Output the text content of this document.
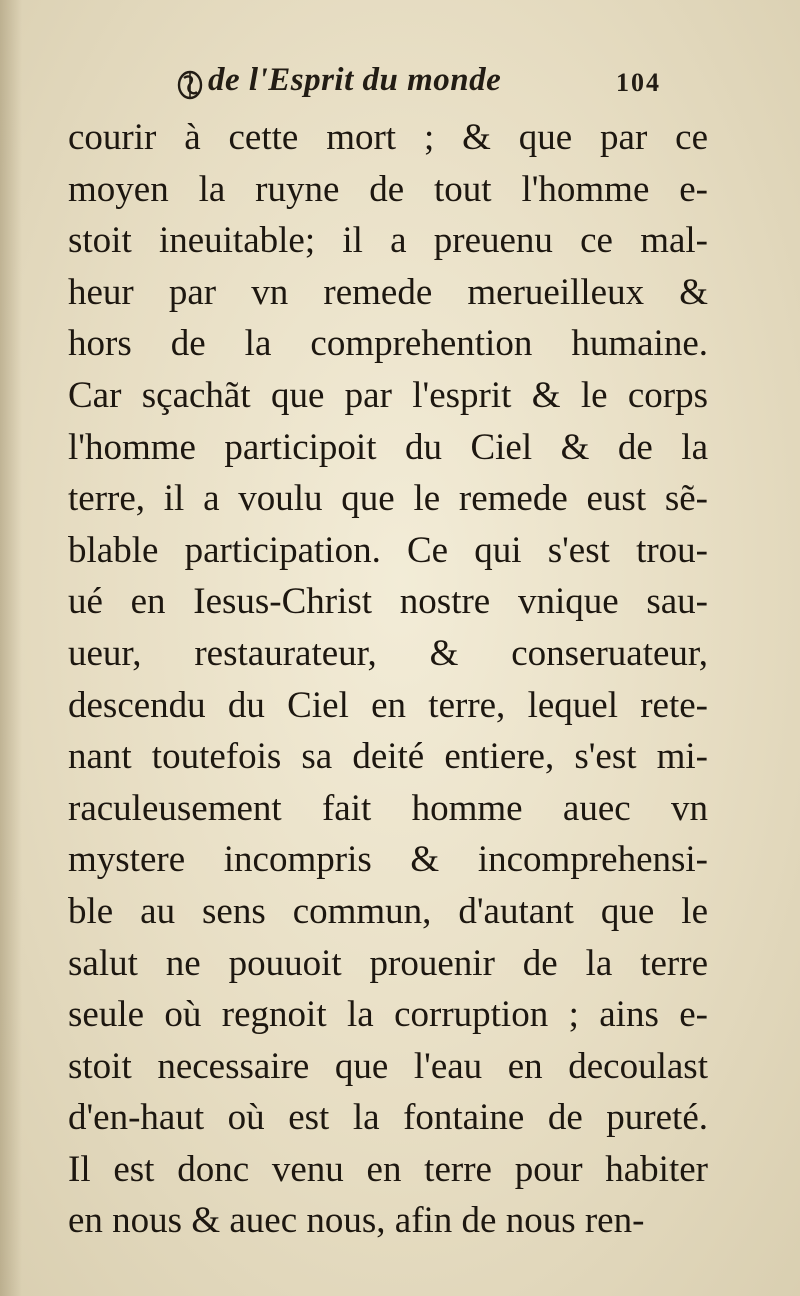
de l'Esprit du monde	104
courir à cette mort ; & que par ce
moyen la ruyne de tout l'homme e-
stoit ineuitable; il a preuenu ce mal-
heur par vn remede merueilleux &
hors de la comprehention humaine.
Car sçachãt que par l'esprit & le corps
l'homme participoit du Ciel & de la
terre, il a voulu que le remede eust sẽ-
blable participation. Ce qui s'est trou-
ué en Iesus-Christ nostre vnique sau-
ueur, restaurateur, & conseruateur,
descendu du Ciel en terre, lequel rete-
nant toutefois sa deité entiere, s'est mi-
raculeusement fait homme auec vn
mystere incompris & incomprehensi-
ble au sens commun, d'autant que le
salut ne pouuoit prouenir de la terre
seule où regnoit la corruption ; ains e-
stoit necessaire que l'eau en decoulast
d'en-haut où est la fontaine de pureté.
Il est donc venu en terre pour habiter
en nous & auec nous, afin de nous ren-
